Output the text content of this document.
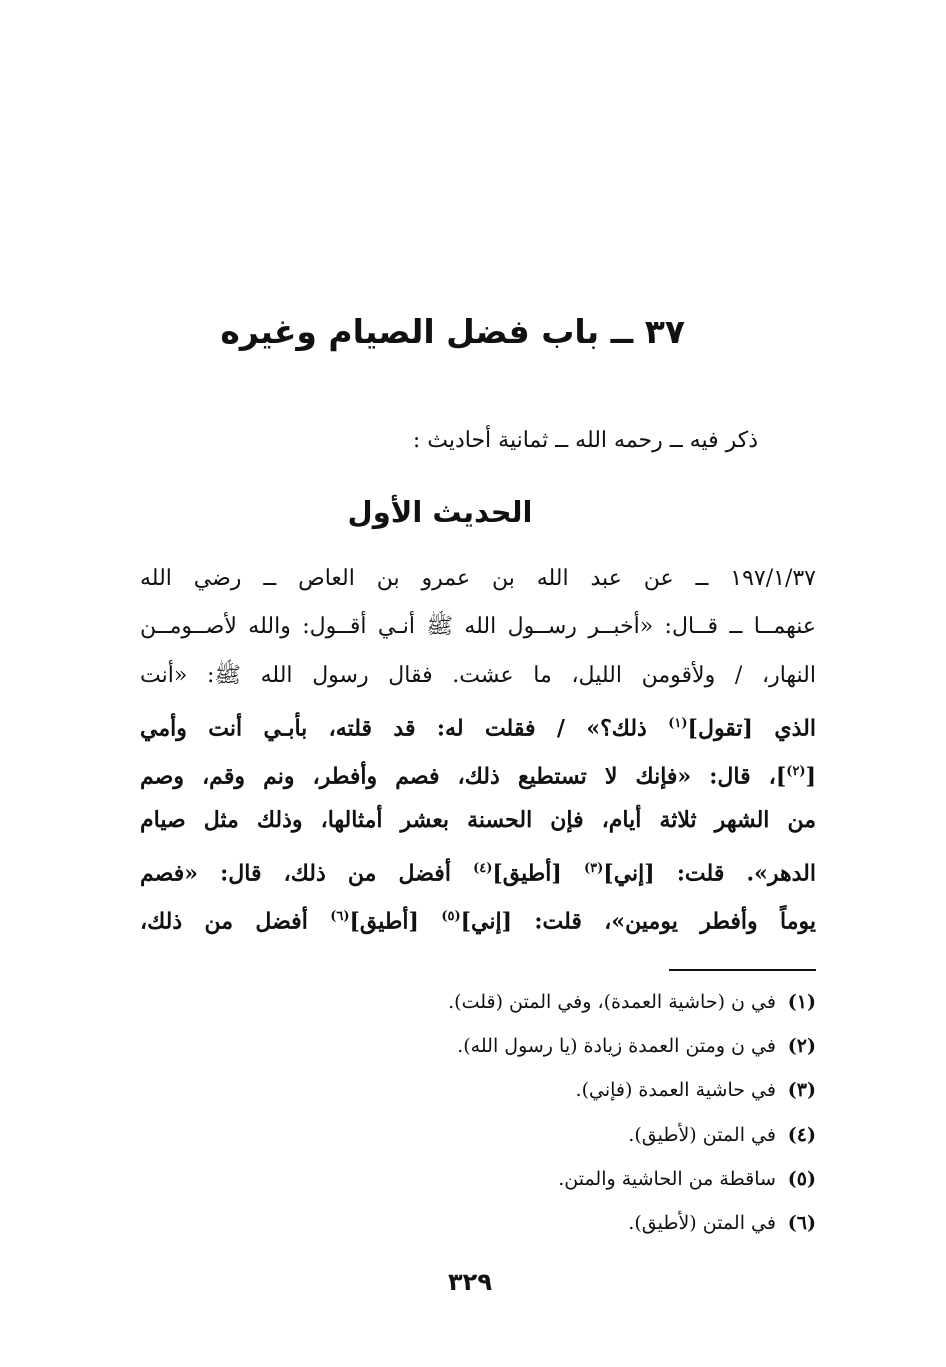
٣٧ ــ باب فضل الصيام وغيره
ذكر فيه ــ رحمه الله ــ ثمانية أحاديث :
الحديث الأول
١٩٧/١/٣٧ ــ عن عبد الله بن عمرو بن العاص ــ رضي الله
عنهمــا ــ قــال: «أخبــر رســول الله ﷺ أنـي أقــول: والله لأصــومــن
النهار، / ولأقومن الليل، ما عشت. فقال رسول الله ﷺ: «أنت
الذي [تقول]$^{(١)}$ ذلك؟» / فقلت له: قد قلته، بأبـي أنت وأمي
[$^{(٢)}$]، قال: «فإنك لا تستطيع ذلك، فصم وأفطر، ونم وقم، وصم
من الشهر ثلاثة أيام، فإن الحسنة بعشر أمثالها، وذلك مثل صيام
الدهر». قلت: [إني]$^{(٣)}$ [أطيق]$^{(٤)}$ أفضل من ذلك، قال: «فصم
يوماً وأفطر يومين»، قلت: [إني]$^{(٥)}$ [أطيق]$^{(٦)}$ أفضل من ذلك،
(١) في ن (حاشية العمدة)، وفي المتن (قلت).
(٢) في ن ومتن العمدة زيادة (يا رسول الله).
(٣) في حاشية العمدة (فإني).
(٤) في المتن (لأطيق).
(٥) ساقطة من الحاشية والمتن.
(٦) في المتن (لأطيق).
٣٢٩
